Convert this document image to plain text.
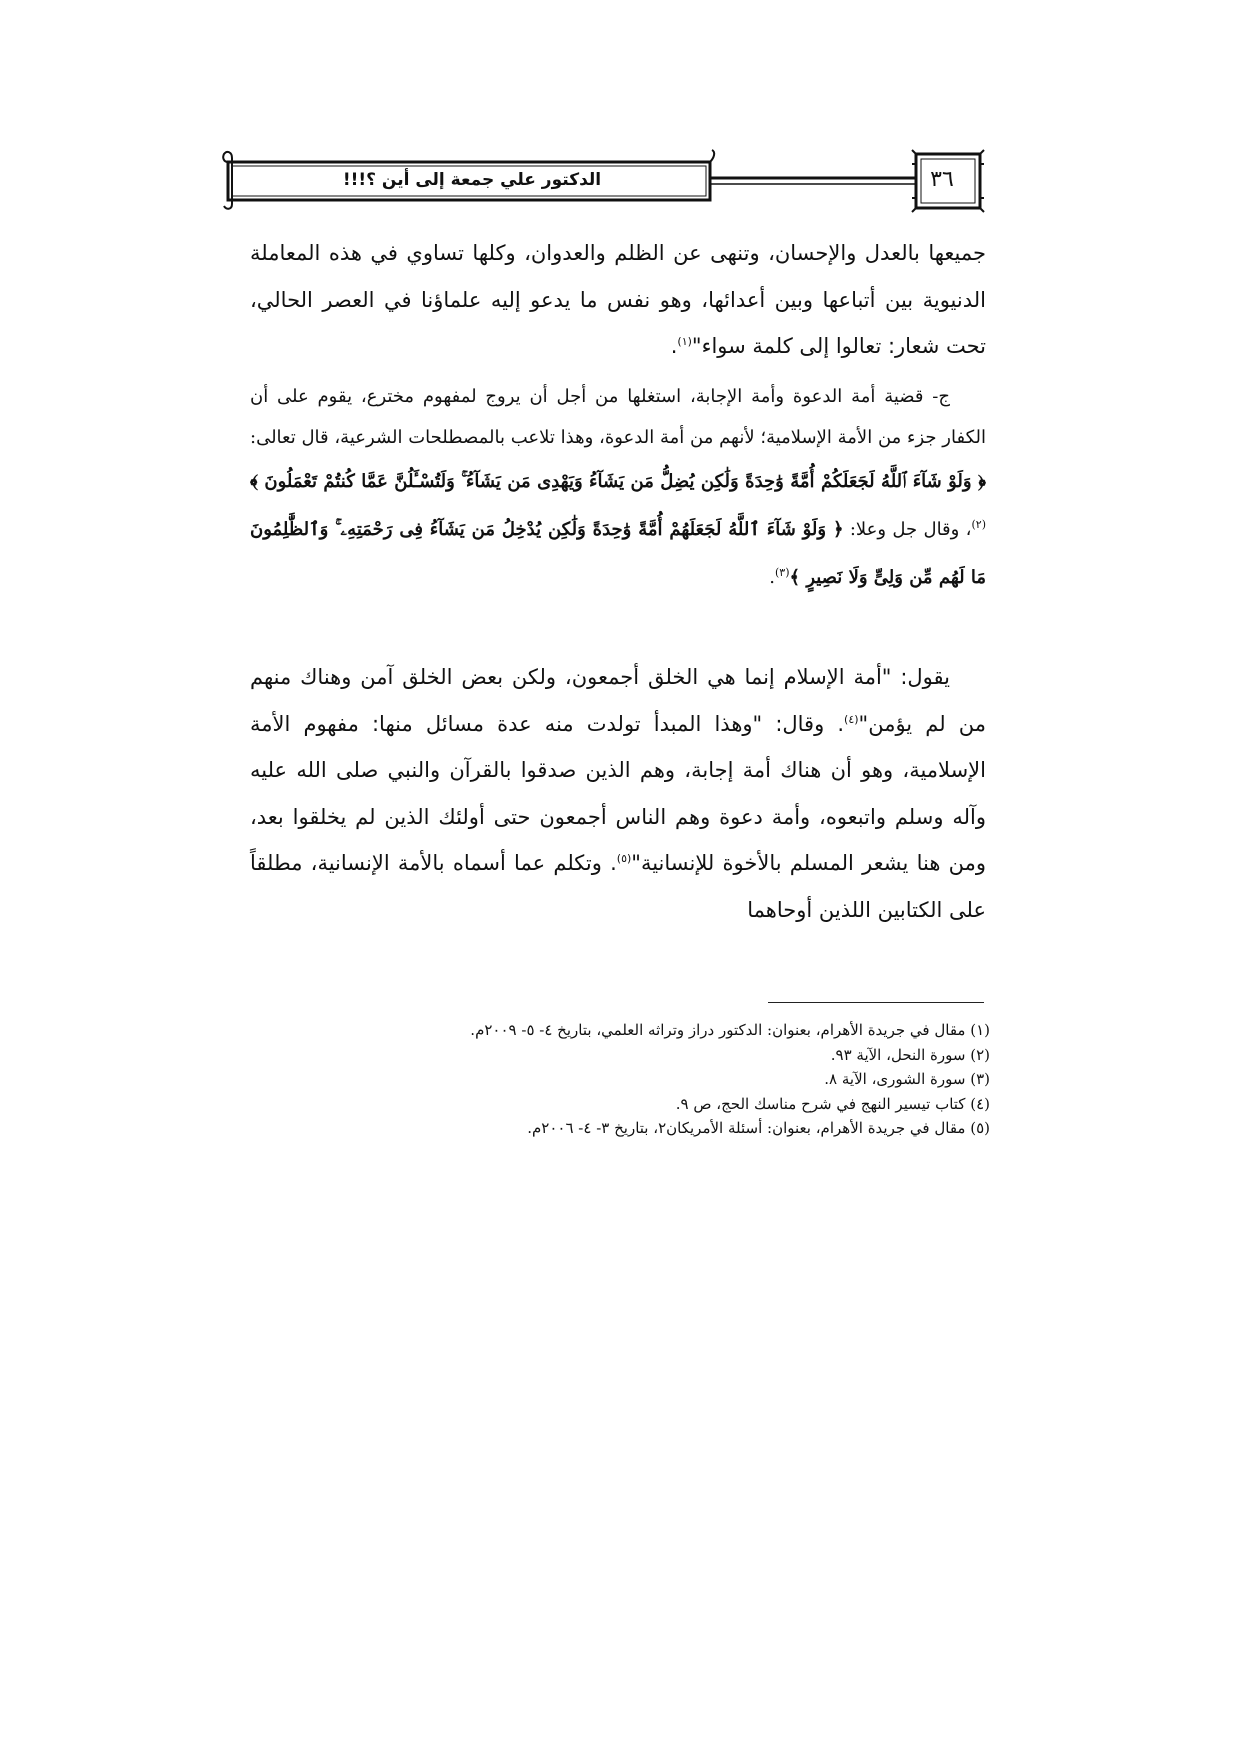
الدكتور علي جمعة إلى أين ؟!!!	٣٦

جميعها بالعدل والإحسان، وتنهى عن الظلم والعدوان، وكلها تساوي في هذه المعاملة الدنيوية بين أتباعها وبين أعدائها، وهو نفس ما يدعو إليه علماؤنا في العصر الحالي، تحت شعار: تعالوا إلى كلمة سواء"$^{(١)}$.

ج- قضية أمة الدعوة وأمة الإجابة، استغلها من أجل أن يروج لمفهوم مخترع، يقوم على أن الكفار جزء من الأمة الإسلامية؛ لأنهم من أمة الدعوة، وهذا تلاعب بالمصطلحات الشرعية، قال تعالى: ﴿ وَلَوْ شَآءَ ٱللَّهُ لَجَعَلَكُمْ أُمَّةً وَٰحِدَةً وَلَٰكِن يُضِلُّ مَن يَشَآءُ وَيَهْدِى مَن يَشَآءُ ۚ وَلَتُسْـَٔلُنَّ عَمَّا كُنتُمْ تَعْمَلُونَ ﴾$^{(٢)}$، وقال جل وعلا: ﴿ وَلَوْ شَآءَ ٱللَّهُ لَجَعَلَهُمْ أُمَّةً وَٰحِدَةً وَلَٰكِن يُدْخِلُ مَن يَشَآءُ فِى رَحْمَتِهِۦ ۚ وَٱلظَّٰلِمُونَ مَا لَهُم مِّن وَلِىٍّ وَلَا نَصِيرٍ ﴾$^{(٣)}$.

يقول: "أمة الإسلام إنما هي الخلق أجمعون، ولكن بعض الخلق آمن وهناك منهم من لم يؤمن"$^{(٤)}$. وقال: "وهذا المبدأ تولدت منه عدة مسائل منها: مفهوم الأمة الإسلامية، وهو أن هناك أمة إجابة، وهم الذين صدقوا بالقرآن والنبي صلى الله عليه وآله وسلم واتبعوه، وأمة دعوة وهم الناس أجمعون حتى أولئك الذين لم يخلقوا بعد، ومن هنا يشعر المسلم بالأخوة للإنسانية"$^{(٥)}$. وتكلم عما أسماه بالأمة الإنسانية، مطلقاً على الكتابين اللذين أوحاهما

(١) مقال في جريدة الأهرام، بعنوان: الدكتور دراز وتراثه العلمي، بتاريخ ٤- ٥- ٢٠٠٩م.

(٢) سورة النحل، الآية ٩٣.

(٣) سورة الشورى، الآية ٨.

(٤) كتاب تيسير النهج في شرح مناسك الحج، ص ٩.

(٥) مقال في جريدة الأهرام، بعنوان: أسئلة الأمريكان٢، بتاريخ ٣- ٤- ٢٠٠٦م.
